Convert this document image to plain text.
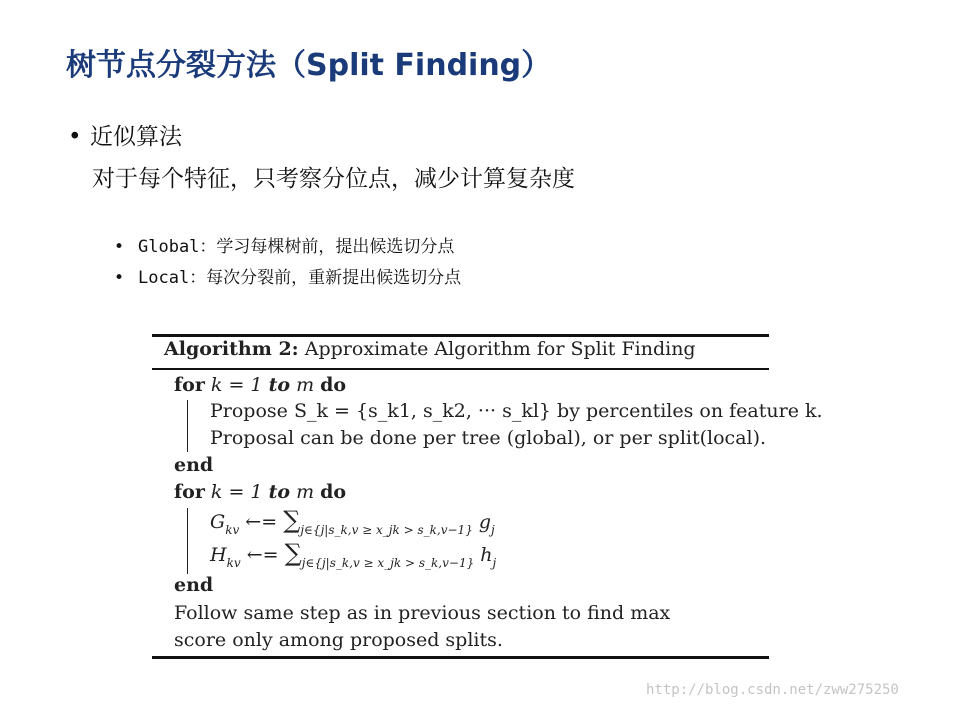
树节点分裂方法（Split Finding）
• 近似算法
对于每个特征，只考察分位点，减少计算复杂度
• Global：学习每棵树前，提出候选切分点
• Local：每次分裂前，重新提出候选切分点
Algorithm 2: Approximate Algorithm for Split Finding
for k = 1 to m do
Propose S_k = {s_k1, s_k2, ··· s_kl} by percentiles on feature k.
Proposal can be done per tree (global), or per split(local).
end
for k = 1 to m do
$G_{kv}$ ←= $\sum_{j\in\{j|s\_k,v \ge x\_jk > s\_k,v-1\}}$ $g_j$
$H_{kv}$ ←= $\sum_{j\in\{j|s\_k,v \ge x\_jk > s\_k,v-1\}}$ $h_j$
end
Follow same step as in previous section to find max
score only among proposed splits.
http://blog.csdn.net/zww275250
